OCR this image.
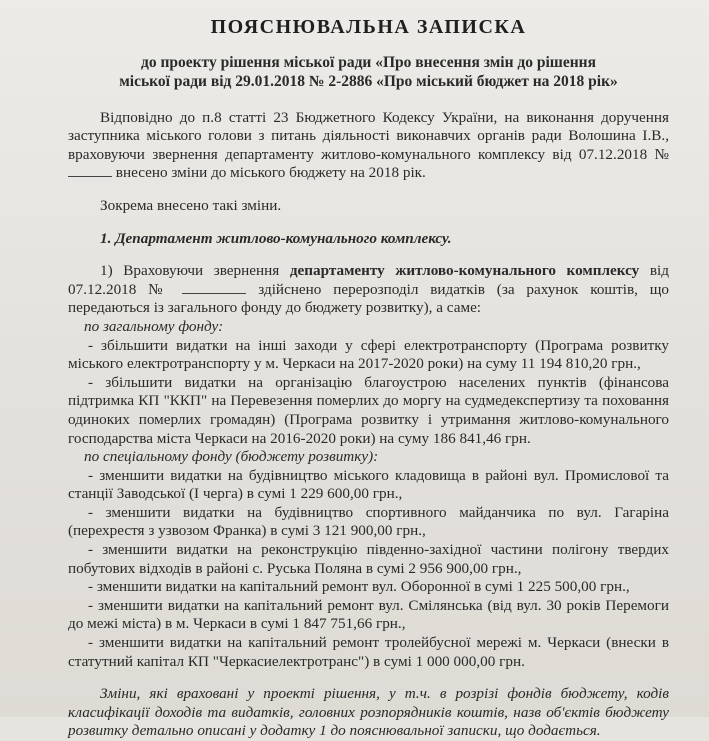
ПОЯСНЮВАЛЬНА ЗАПИСКА
до проекту рішення міської ради «Про внесення змін до рішення
міської ради від 29.01.2018 № 2-2886 «Про міський бюджет на 2018 рік»

Відповідно до п.8 статті 23 Бюджетного Кодексу України, на виконання доручення заступника міського голови з питань діяльності виконавчих органів ради Волошина І.В., враховуючи звернення департаменту житлово-комунального комплексу від 07.12.2018 №  внесено зміни до міського бюджету на 2018 рік.

Зокрема внесено такі зміни.

1. Департамент житлово-комунального комплексу.

1) Враховуючи звернення департаменту житлово-комунального комплексу від 07.12.2018 №	здійснено перерозподіл видатків (за рахунок коштів, що передаються із загального фонду до бюджету розвитку), а саме:

по загальному фонду:

- збільшити видатки на інші заходи у сфері електротранспорту (Програма розвитку міського електротранспорту у м. Черкаси на 2017-2020 роки) на суму 11 194 810,20 грн.,

- збільшити видатки на організацію благоустрою населених пунктів (фінансова підтримка КП "ККП" на Перевезення померлих до моргу на судмедекспертизу та поховання одиноких померлих громадян) (Програма розвитку і утримання житлово-комунального господарства міста Черкаси на 2016-2020 роки) на суму 186 841,46 грн.

по спеціальному фонду (бюджету розвитку):

- зменшити видатки на будівництво міського кладовища в районі вул. Промислової та станції Заводської (І черга) в сумі 1 229 600,00 грн.,

- зменшити видатки на будівництво спортивного майданчика по вул. Гагаріна (перехрестя з узвозом Франка) в сумі 3 121 900,00 грн.,

- зменшити видатки на реконструкцію південно-західної частини полігону твердих побутових відходів в районі с. Руська Поляна в сумі 2 956 900,00 грн.,

- зменшити видатки на капітальний ремонт вул. Оборонної в сумі 1 225 500,00 грн.,

- зменшити видатки на капітальний ремонт вул. Смілянська (від вул. 30 років Перемоги до межі міста) в м. Черкаси в сумі 1 847 751,66 грн.,

- зменшити видатки на капітальний ремонт тролейбусної мережі м. Черкаси (внески в статутний капітал КП "Черкасиелектротранс") в сумі 1 000 000,00 грн.

Зміни, які враховані у проекті рішення, у т.ч. в розрізі фондів бюджету, кодів класифікації доходів та видатків, головних розпорядників коштів, назв об'єктів бюджету розвитку детально описані у додатку 1 до пояснювальної записки, що додається.
